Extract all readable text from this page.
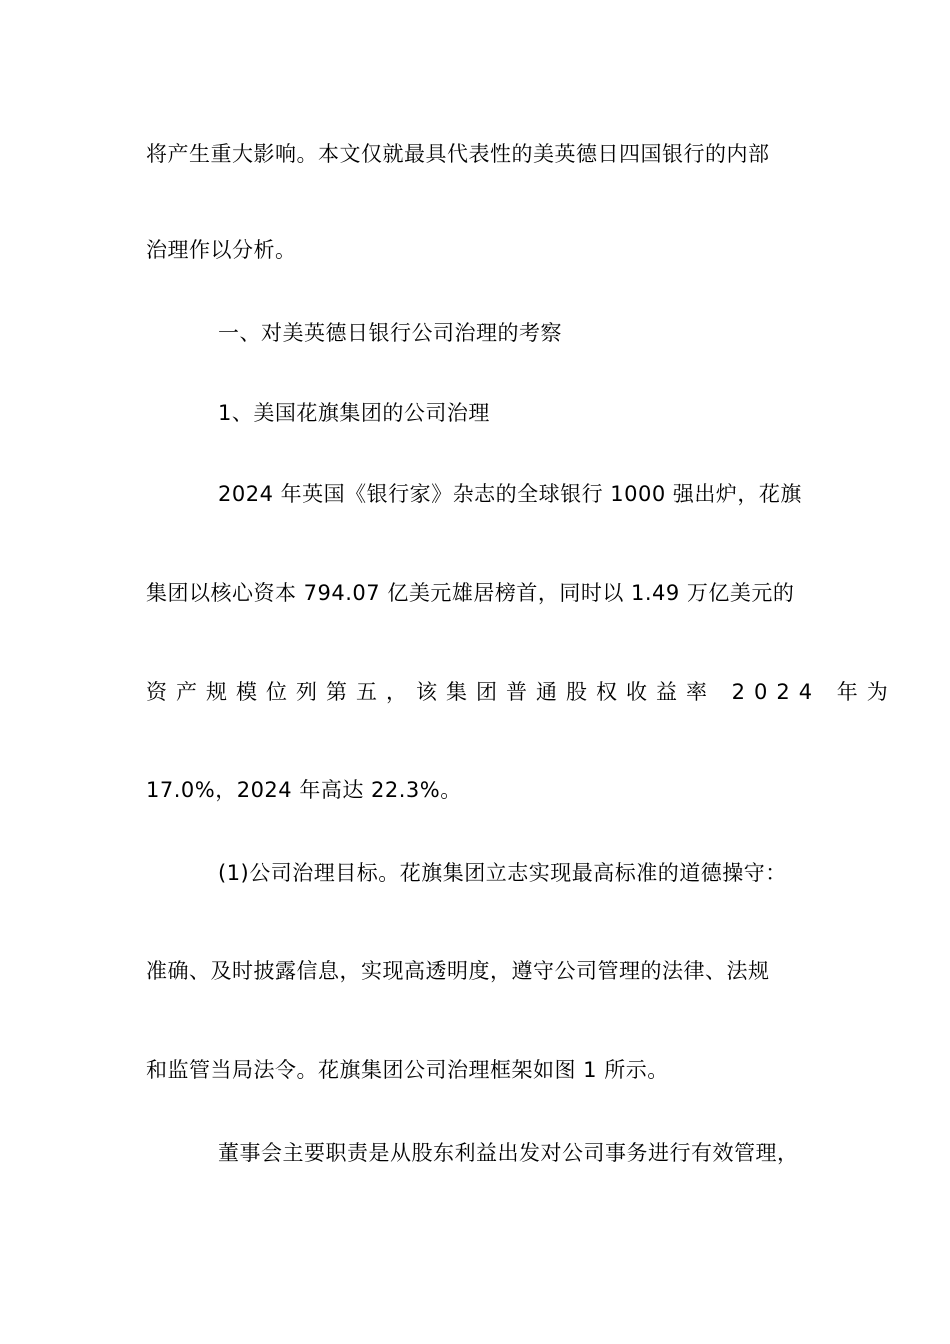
将产生重大影响。本文仅就最具代表性的美英德日四国银行的内部
治理作以分析。
一、对美英德日银行公司治理的考察
1、美国花旗集团的公司治理
2024 年英国《银行家》杂志的全球银行 1000 强出炉，花旗
集团以核心资本 794.07 亿美元雄居榜首，同时以 1.49 万亿美元的
资产规模位列第五，该集团普通股权收益率 2024 年为
17.0%，2024 年高达 22.3%。
(1)公司治理目标。花旗集团立志实现最高标准的道德操守：
准确、及时披露信息，实现高透明度，遵守公司管理的法律、法规
和监管当局法令。花旗集团公司治理框架如图 1 所示。
董事会主要职责是从股东利益出发对公司事务进行有效管理，
